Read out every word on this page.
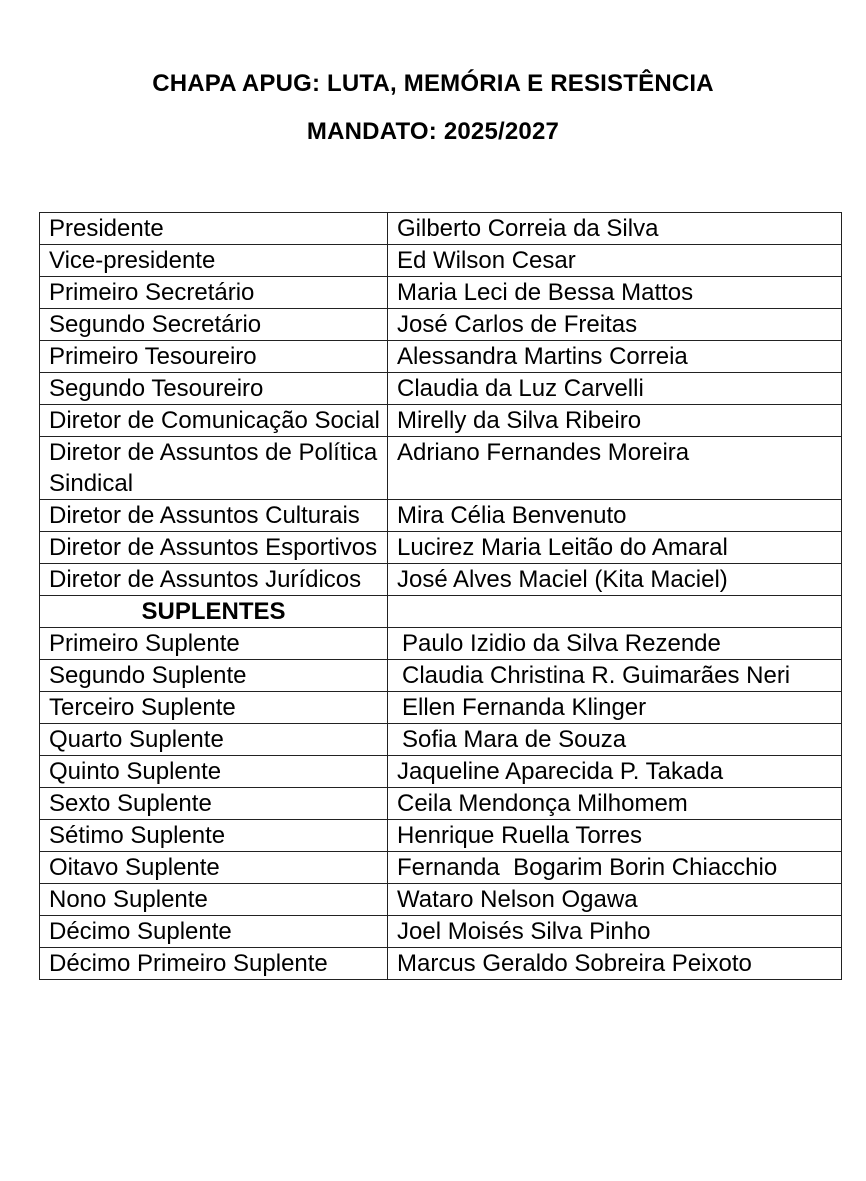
CHAPA APUG: LUTA, MEMÓRIA E RESISTÊNCIA
MANDATO: 2025/2027
Presidente	Gilberto Correia da Silva
Vice-presidente	Ed Wilson Cesar
Primeiro Secretário	Maria Leci de Bessa Mattos
Segundo Secretário	José Carlos de Freitas
Primeiro Tesoureiro	Alessandra Martins Correia
Segundo Tesoureiro	Claudia da Luz Carvelli
Diretor de Comunicação Social	Mirelly da Silva Ribeiro
Diretor de Assuntos de Política Sindical	Adriano Fernandes Moreira
Diretor de Assuntos Culturais	Mira Célia Benvenuto
Diretor de Assuntos Esportivos	Lucirez Maria Leitão do Amaral
Diretor de Assuntos Jurídicos	José Alves Maciel (Kita Maciel)
SUPLENTES	
Primeiro Suplente	Paulo Izidio da Silva Rezende
Segundo Suplente	Claudia Christina R. Guimarães Neri
Terceiro Suplente	Ellen Fernanda Klinger
Quarto Suplente	Sofia Mara de Souza
Quinto Suplente	Jaqueline Aparecida P. Takada
Sexto Suplente	Ceila Mendonça Milhomem
Sétimo Suplente	Henrique Ruella Torres
Oitavo Suplente	Fernanda  Bogarim Borin Chiacchio
Nono Suplente	Wataro Nelson Ogawa
Décimo Suplente	Joel Moisés Silva Pinho
Décimo Primeiro Suplente	Marcus Geraldo Sobreira Peixoto
